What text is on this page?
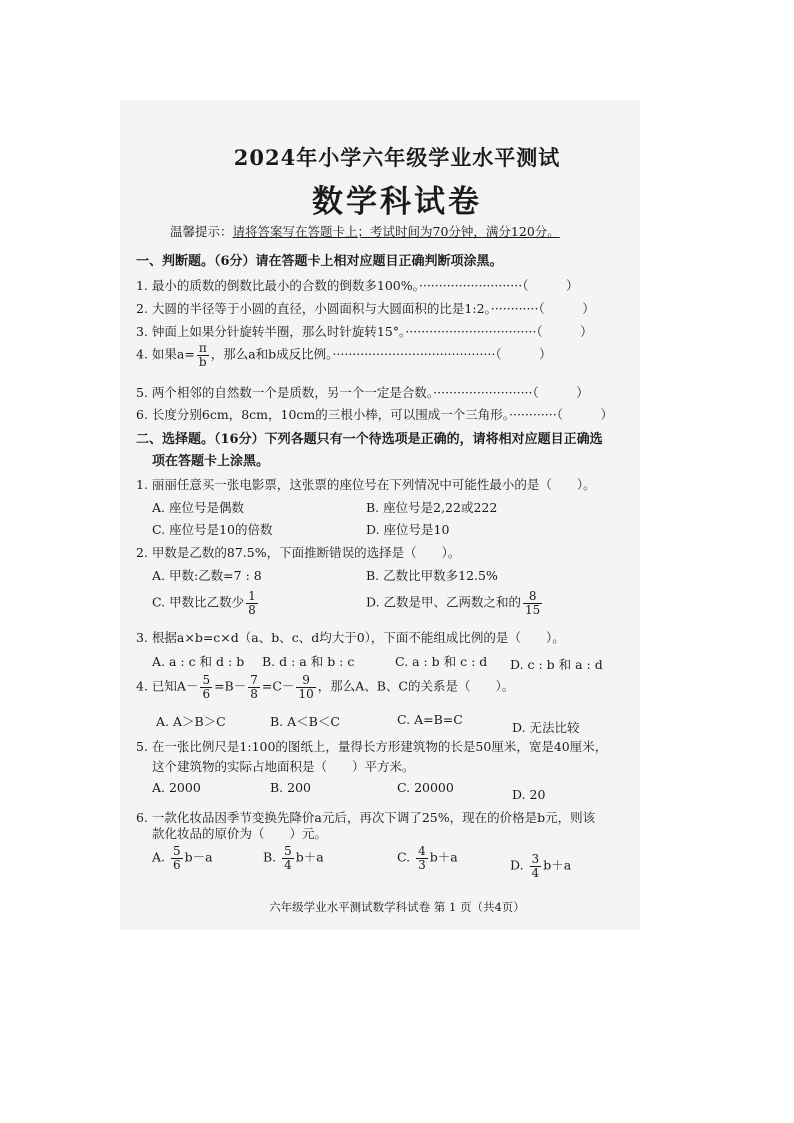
2024年小学六年级学业水平测试
数学科试卷
温馨提示：请将答案写在答题卡上；考试时间为70分钟，满分120分。
一、判断题。（6分）请在答题卡上相对应题目正确判断项涂黑。
1. 最小的质数的倒数比最小的合数的倒数多100%。··························（　　　）
2. 大圆的半径等于小圆的直径，小圆面积与大圆面积的比是1:2。············（　　　）
3. 钟面上如果分针旋转半圈，那么时针旋转15°。·································（　　　）
4. 如果$a= \frac{\pi}{b}$ ，那么a和b成反比例。·········································（　　　）
5. 两个相邻的自然数一个是质数，另一个一定是合数。·························（　　　）
6. 长度分别6cm，8cm，10cm的三根小棒，可以围成一个三角形。············（　　　）
二、选择题。（16分）下列各题只有一个待选项是正确的，请将相对应题目正确选
项在答题卡上涂黑。
1. 丽丽任意买一张电影票，这张票的座位号在下列情况中可能性最小的是（　　）。
A. 座位号是偶数	B. 座位号是2,22或222
C. 座位号是10的倍数	D. 座位号是10
2. 甲数是乙数的87.5%，下面推断错误的选择是（　　）。
A. 甲数:乙数=7 : 8	B. 乙数比甲数多12.5%
C. 甲数比乙数少 $\frac{1}{8}$	D. 乙数是甲、乙两数之和的 $\frac{8}{15}$
3. 根据a×b=c×d（a、b、c、d均大于0），下面不能组成比例的是（　　）。
A. a : c 和 d : b B. d : a 和 b : c	C. a : b 和 c : d D. c : b 和 a : d
4. 已知$A- \frac{5}{6} =B- \frac{7}{8} =C- \frac{9}{10}$ ，那么A、B、C的关系是（　　）。
A. A＞B＞C	B. A＜B＜C	C. A=B=C
D. 无法比较
5. 在一张比例尺是1:100的图纸上，量得长方形建筑物的长是50厘米，宽是40厘米，
这个建筑物的实际占地面积是（　　）平方米。
A. 2000	B. 200	C. 20000	D. 20
6. 一款化妆品因季节变换先降价a元后，再次下调了25%，现在的价格是b元，则该
款化妆品的原价为（　　）元。
A. $\frac{5}{6} b-a$	B. $\frac{5}{4} b+a$	C. $\frac{4}{3} b+a$
D. $\frac{3}{4} b+a$
六年级学业水平测试数学科试卷 第 1 页（共4页）
